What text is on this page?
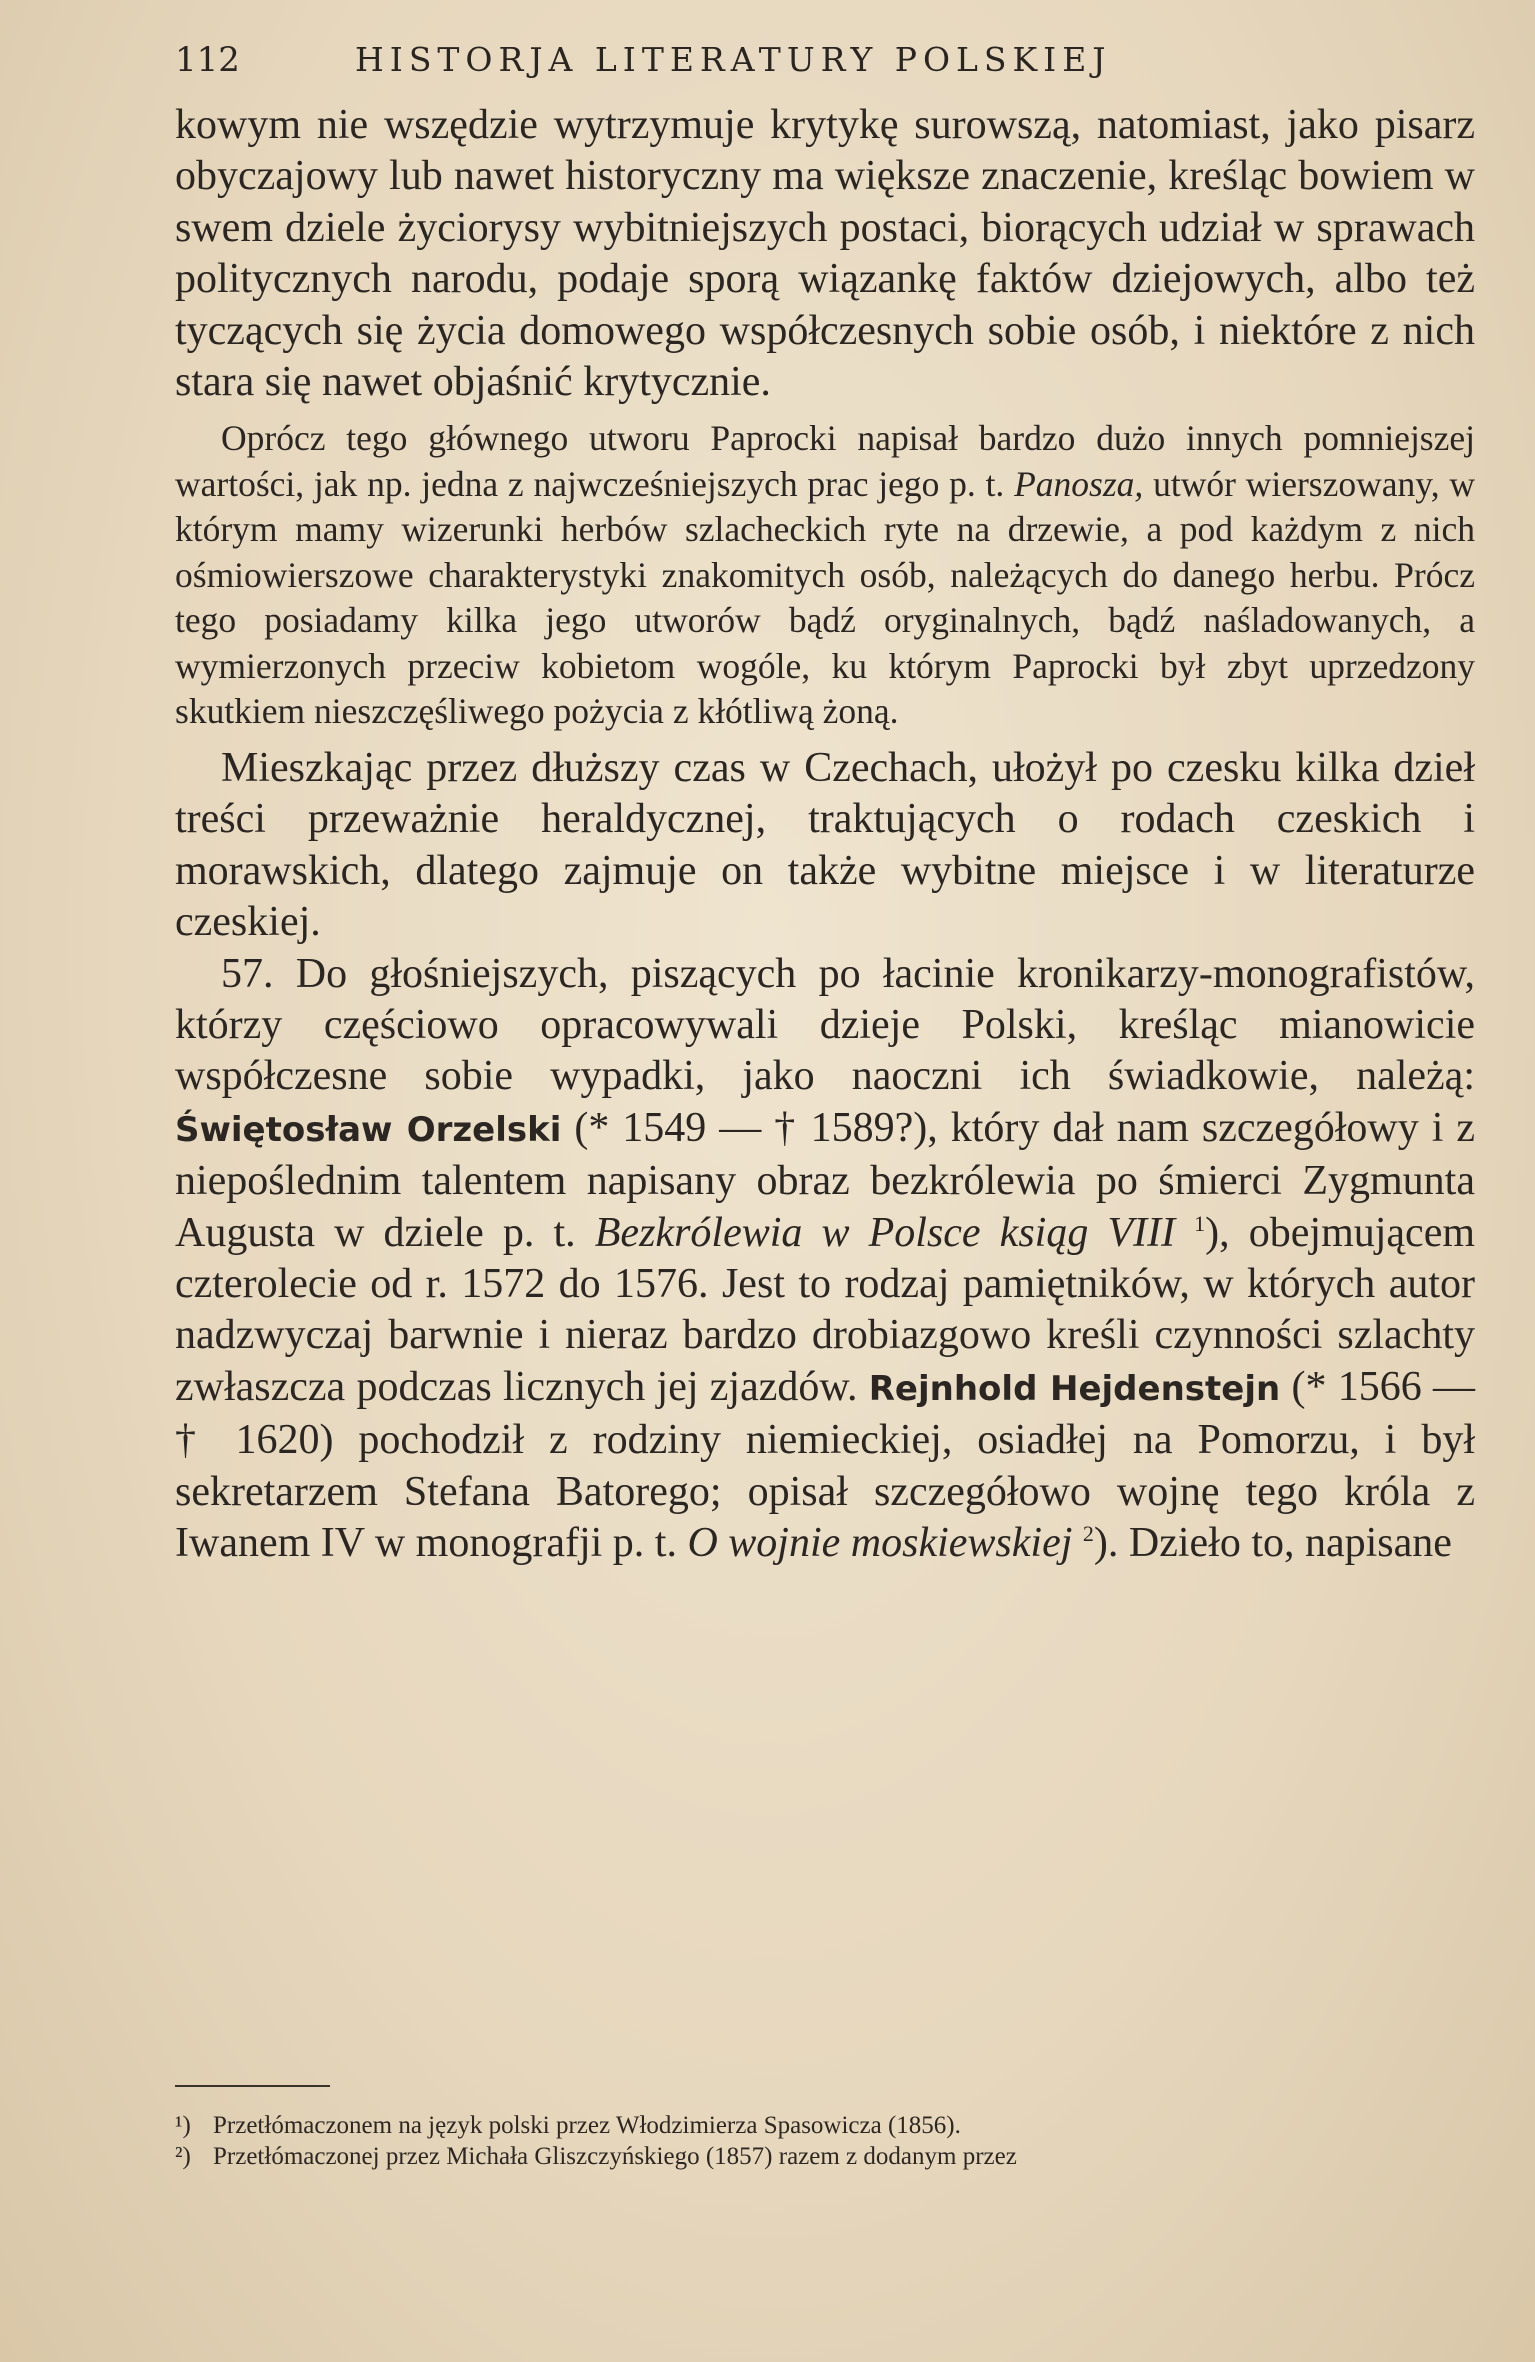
112	HISTORJA LITERATURY POLSKIEJ

kowym nie wszędzie wytrzymuje krytykę surowszą, natomiast, jako pisarz obyczajowy lub nawet historyczny ma większe znaczenie, kreśląc bowiem w swem dziele życiorysy wybitniejszych postaci, biorących udział w sprawach politycznych narodu, podaje sporą wiązankę faktów dziejowych, albo też tyczących się życia domowego współczesnych sobie osób, i niektóre z nich stara się nawet objaśnić krytycznie.

Oprócz tego głównego utworu Paprocki napisał bardzo dużo innych pomniejszej wartości, jak np. jedna z najwcześniejszych prac jego p. t. Panosza, utwór wierszowany, w którym mamy wizerunki herbów szlacheckich ryte na drzewie, a pod każdym z nich ośmiowierszowe charakterystyki znakomitych osób, należących do danego herbu. Prócz tego posiadamy kilka jego utworów bądź oryginalnych, bądź naśladowanych, a wymierzonych przeciw kobietom wogóle, ku którym Paprocki był zbyt uprzedzony skutkiem nieszczęśliwego pożycia z kłótliwą żoną.

Mieszkając przez dłuższy czas w Czechach, ułożył po czesku kilka dzieł treści przeważnie heraldycznej, traktujących o rodach czeskich i morawskich, dlatego zajmuje on także wybitne miejsce i w literaturze czeskiej.

57. Do głośniejszych, piszących po łacinie kronikarzy-monografistów, którzy częściowo opracowywali dzieje Polski, kreśląc mianowicie współczesne sobie wypadki, jako naoczni ich świadkowie, należą: Świętosław Orzelski (* 1549 — † 1589?), który dał nam szczegółowy i z niepoślednim talentem napisany obraz bezkrólewia po śmierci Zygmunta Augusta w dziele p. t. Bezkrólewia w Polsce ksiąg VIII $^1$), obejmującem czterolecie od r. 1572 do 1576. Jest to rodzaj pamiętników, w których autor nadzwyczaj barwnie i nieraz bardzo drobiazgowo kreśli czynności szlachty zwłaszcza podczas licznych jej zjazdów. Rejnhold Hejdenstejn (* 1566 — † 1620) pochodził z rodziny niemieckiej, osiadłej na Pomorzu, i był sekretarzem Stefana Batorego; opisał szczegółowo wojnę tego króla z Iwanem IV w monografji p. t. O wojnie moskiewskiej $^2$). Dzieło to, napisane

¹) Przetłómaczonem na język polski przez Włodzimierza Spasowicza (1856).
²) Przetłómaczonej przez Michała Gliszczyńskiego (1857) razem z dodanym przez
